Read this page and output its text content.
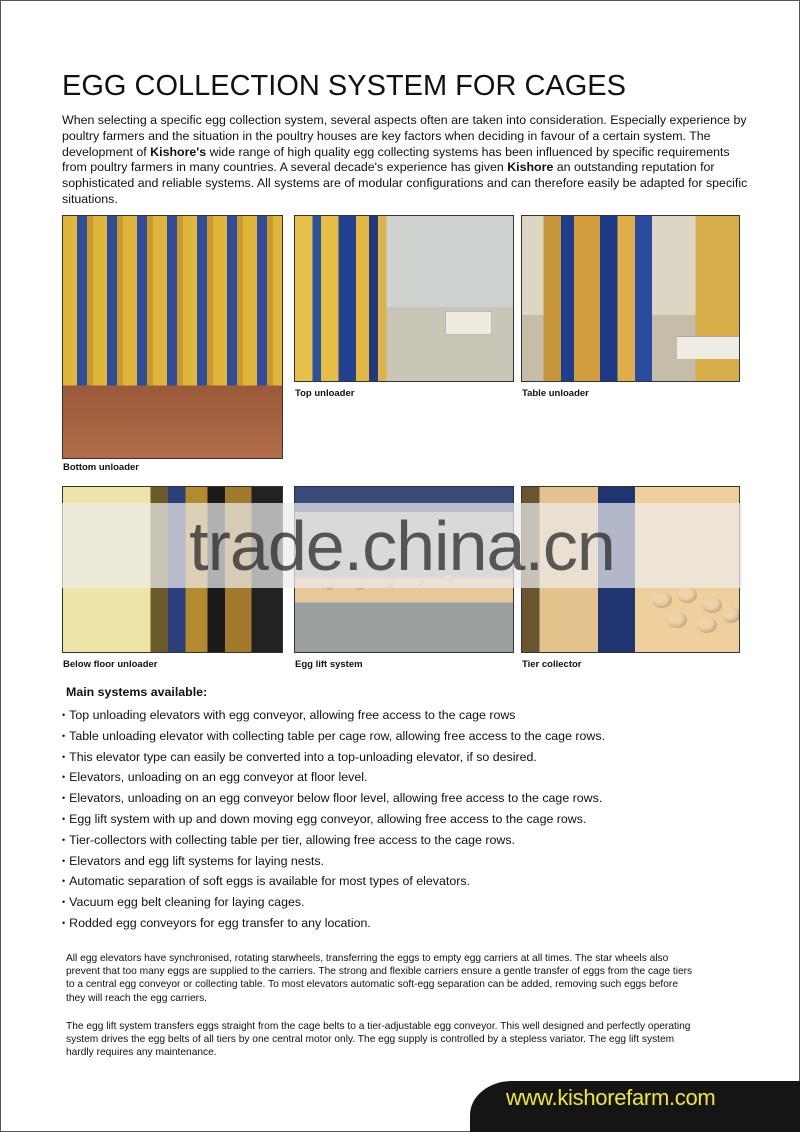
EGG COLLECTION SYSTEM FOR CAGES

When selecting a specific egg collection system, several aspects often are taken into consideration. Especially experience by poultry farmers and the situation in the poultry houses are key factors when deciding in favour of a certain system. The development of Kishore's wide range of high quality egg collecting systems has been influenced by specific requirements from poultry farmers in many countries. A several decade's experience has given Kishore an outstanding reputation for sophisticated and reliable systems. All systems are of modular configurations and can therefore easily be adapted for specific situations.

Bottom unloader
Top unloader	Table unloader
Below floor unloader	Egg lift system	Tier collector
trade.china.cn
Main systems available:
• Top unloading elevators with egg conveyor, allowing free access to the cage rows
• Table unloading elevator with collecting table per cage row, allowing free access to the cage rows.
• This elevator type can easily be converted into a top-unloading elevator, if so desired.
• Elevators, unloading on an egg conveyor at floor level.
• Elevators, unloading on an egg conveyor below floor level, allowing free access to the cage rows.
• Egg lift system with up and down moving egg conveyor, allowing free access to the cage rows.
• Tier-collectors with collecting table per tier, allowing free access to the cage rows.
• Elevators and egg lift systems for laying nests.
• Automatic separation of soft eggs is available for most types of elevators.
• Vacuum egg belt cleaning for laying cages.
• Rodded egg conveyors for egg transfer to any location.

All egg elevators have synchronised, rotating starwheels, transferring the eggs to empty egg carriers at all times. The star wheels also prevent that too many eggs are supplied to the carriers. The strong and flexible carriers ensure a gentle transfer of eggs from the cage tiers to a central egg conveyor or collecting table. To most elevators automatic soft-egg separation can be added, removing such eggs before they will reach the egg carriers.

The egg lift system transfers eggs straight from the cage belts to a tier-adjustable egg conveyor. This well designed and perfectly operating system drives the egg belts of all tiers by one central motor only. The egg supply is controlled by a stepless variator. The egg lift system hardly requires any maintenance.

www.kishorefarm.com
